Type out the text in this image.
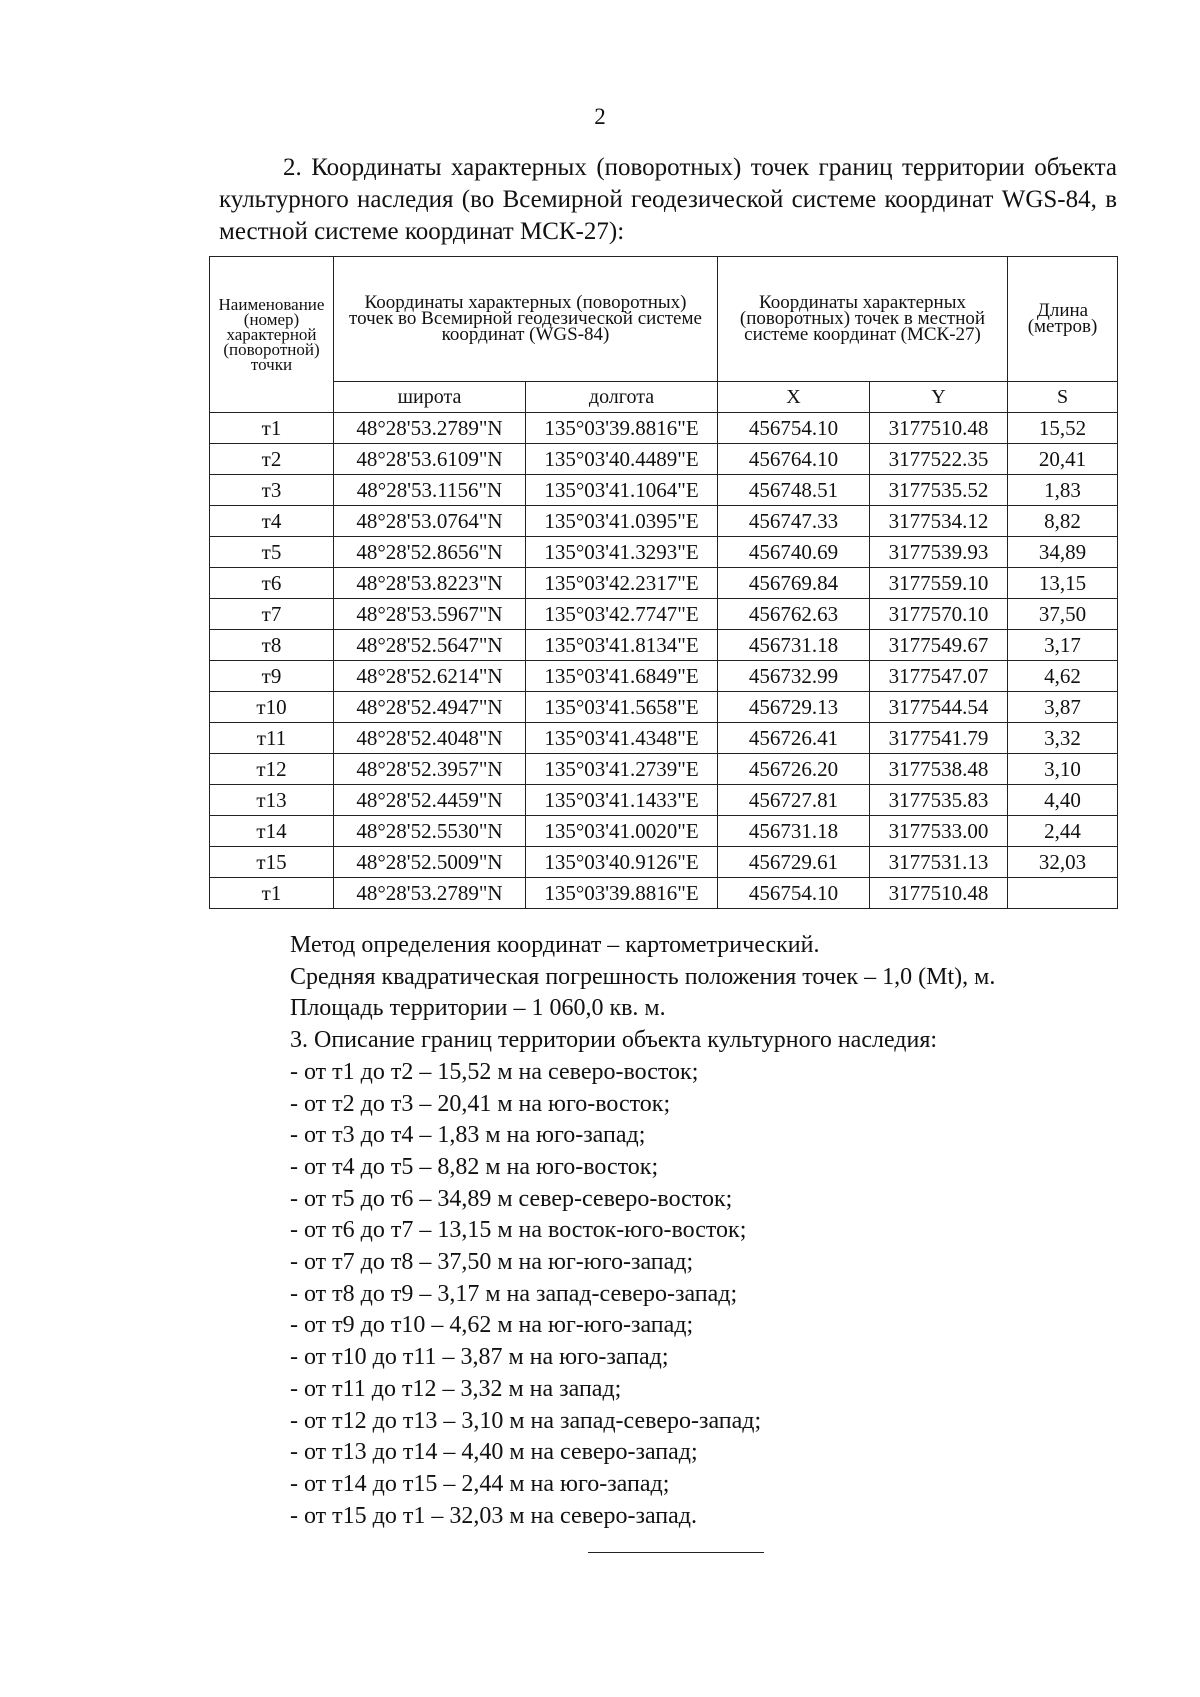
2
2. Координаты характерных (поворотных) точек границ территории объекта культурного наследия (во Всемирной геодезической системе координат WGS-84, в местной системе координат МСК-27):
Наименование (номер) характерной (поворотной) точки	Координаты характерных (поворотных) точек во Всемирной геодезической системе координат (WGS-84)		Координаты характерных (поворотных) точек в местной системе координат (МСК-27)		Длина (метров)
	широта	долгота	X	Y	S
т1	48°28'53.2789"N	135°03'39.8816"E	456754.10	3177510.48	15,52
т2	48°28'53.6109"N	135°03'40.4489"E	456764.10	3177522.35	20,41
т3	48°28'53.1156"N	135°03'41.1064"E	456748.51	3177535.52	1,83
т4	48°28'53.0764"N	135°03'41.0395"E	456747.33	3177534.12	8,82
т5	48°28'52.8656"N	135°03'41.3293"E	456740.69	3177539.93	34,89
т6	48°28'53.8223"N	135°03'42.2317"E	456769.84	3177559.10	13,15
т7	48°28'53.5967"N	135°03'42.7747"E	456762.63	3177570.10	37,50
т8	48°28'52.5647"N	135°03'41.8134"E	456731.18	3177549.67	3,17
т9	48°28'52.6214"N	135°03'41.6849"E	456732.99	3177547.07	4,62
т10	48°28'52.4947"N	135°03'41.5658"E	456729.13	3177544.54	3,87
т11	48°28'52.4048"N	135°03'41.4348"E	456726.41	3177541.79	3,32
т12	48°28'52.3957"N	135°03'41.2739"E	456726.20	3177538.48	3,10
т13	48°28'52.4459"N	135°03'41.1433"E	456727.81	3177535.83	4,40
т14	48°28'52.5530"N	135°03'41.0020"E	456731.18	3177533.00	2,44
т15	48°28'52.5009"N	135°03'40.9126"E	456729.61	3177531.13	32,03
т1	48°28'53.2789"N	135°03'39.8816"E	456754.10	3177510.48	

Метод определения координат – картометрический.

Средняя квадратическая погрешность положения точек – 1,0 (Mt), м.

Площадь территории – 1 060,0 кв. м.

3. Описание границ территории объекта культурного наследия:

- от т1 до т2 – 15,52 м на северо-восток;

- от т2 до т3 – 20,41 м на юго-восток;

- от т3 до т4 – 1,83 м на юго-запад;

- от т4 до т5 – 8,82 м на юго-восток;

- от т5 до т6 – 34,89 м север-северо-восток;

- от т6 до т7 – 13,15 м на восток-юго-восток;

- от т7 до т8 – 37,50 м на юг-юго-запад;

- от т8 до т9 – 3,17 м на запад-северо-запад;

- от т9 до т10 – 4,62 м на юг-юго-запад;

- от т10 до т11 – 3,87 м на юго-запад;

- от т11 до т12 – 3,32 м на запад;

- от т12 до т13 – 3,10 м на запад-северо-запад;

- от т13 до т14 – 4,40 м на северо-запад;

- от т14 до т15 – 2,44 м на юго-запад;

- от т15 до т1 – 32,03 м на северо-запад.
